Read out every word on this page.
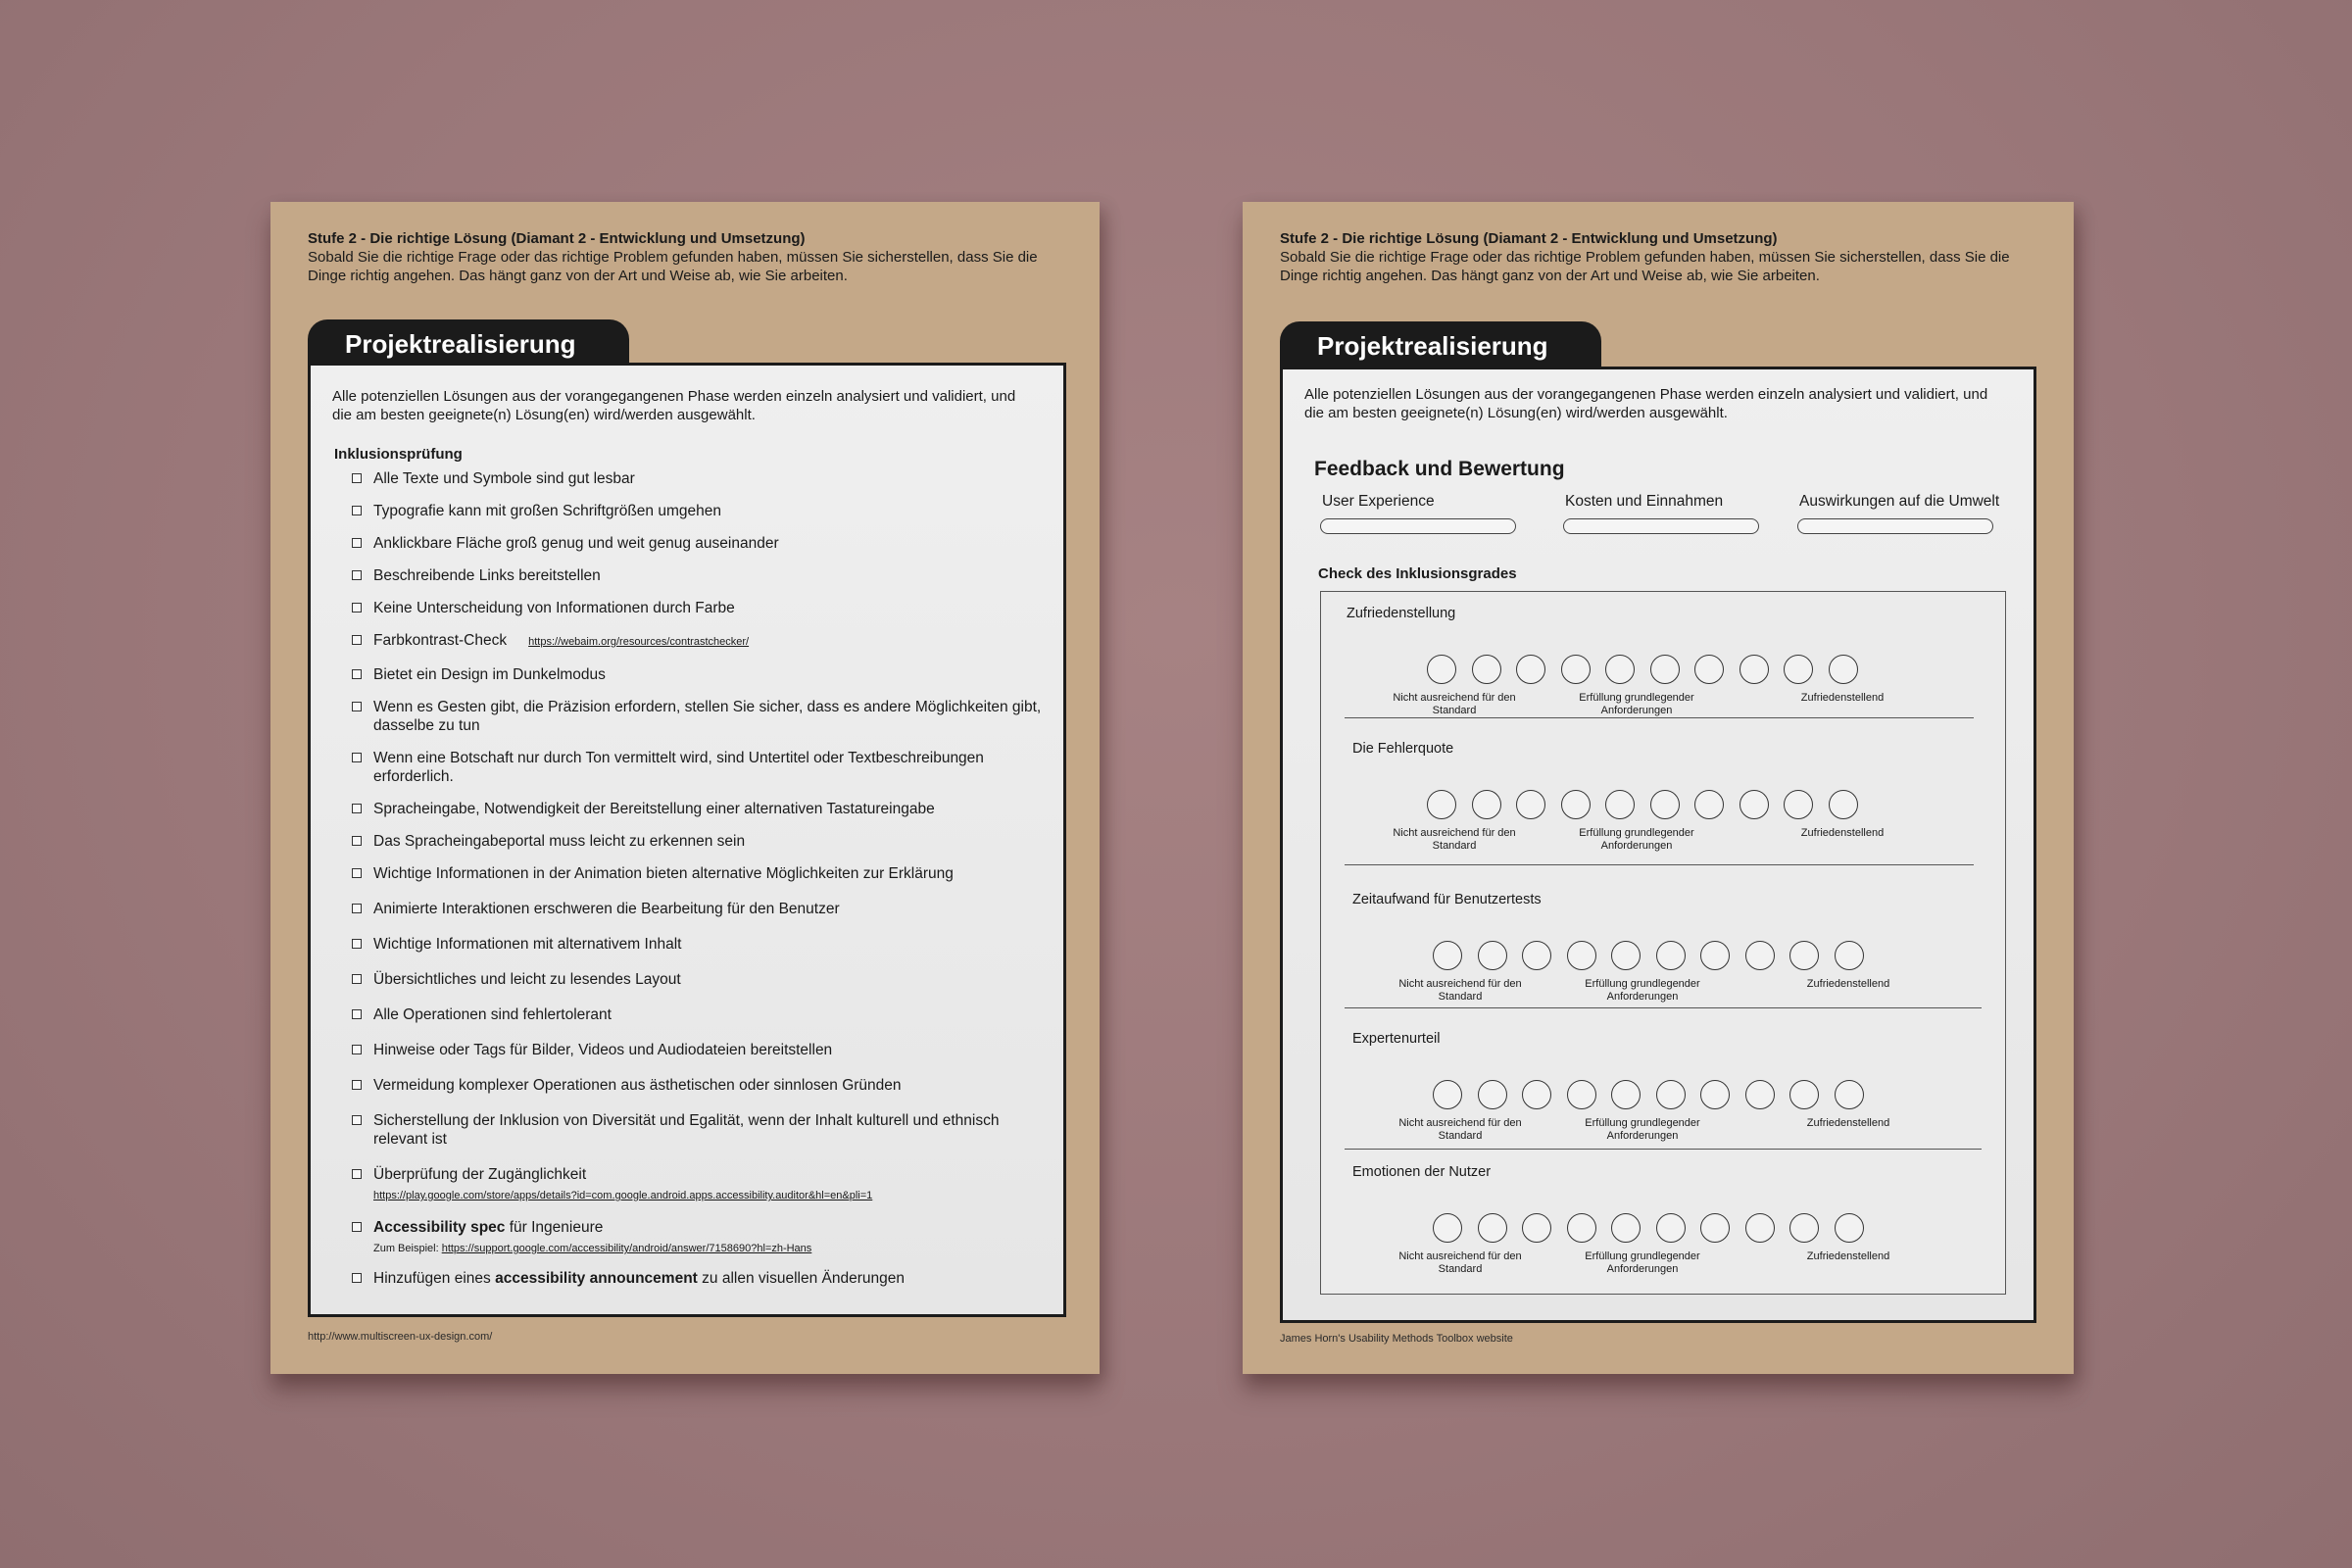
Stufe 2 - Die richtige Lösung (Diamant 2 - Entwicklung und Umsetzung)
Sobald Sie die richtige Frage oder das richtige Problem gefunden haben, müssen Sie sicherstellen, dass Sie die Dinge richtig angehen. Das hängt ganz von der Art und Weise ab, wie Sie arbeiten.
Projektrealisierung
Alle potenziellen Lösungen aus der vorangegangenen Phase werden einzeln analysiert und validiert, und die am besten geeignete(n) Lösung(en) wird/werden ausgewählt.
Inklusionsprüfung
Alle Texte und Symbole sind gut lesbar
Typografie kann mit großen Schriftgrößen umgehen
Anklickbare Fläche groß genug und weit genug auseinander
Beschreibende Links bereitstellen
Keine Unterscheidung von Informationen durch Farbe
Farbkontrast-Check https://webaim.org/resources/contrastchecker/
Bietet ein Design im Dunkelmodus
Wenn es Gesten gibt, die Präzision erfordern, stellen Sie sicher, dass es andere Möglichkeiten gibt, dasselbe zu tun
Wenn eine Botschaft nur durch Ton vermittelt wird, sind Untertitel oder Textbeschreibungen erforderlich.
Spracheingabe, Notwendigkeit der Bereitstellung einer alternativen Tastatureingabe
Das Spracheingabeportal muss leicht zu erkennen sein
Wichtige Informationen in der Animation bieten alternative Möglichkeiten zur Erklärung
Animierte Interaktionen erschweren die Bearbeitung für den Benutzer
Wichtige Informationen mit alternativem Inhalt
Übersichtliches und leicht zu lesendes Layout
Alle Operationen sind fehlertolerant
Hinweise oder Tags für Bilder, Videos und Audiodateien bereitstellen
Vermeidung komplexer Operationen aus ästhetischen oder sinnlosen Gründen
Sicherstellung der Inklusion von Diversität und Egalität, wenn der Inhalt kulturell und ethnisch relevant ist
Überprüfung der Zugänglichkeit
https://play.google.com/store/apps/details?id=com.google.android.apps.accessibility.auditor&hl=en&pli=1
Accessibility spec für Ingenieure
Zum Beispiel: https://support.google.com/accessibility/android/answer/7158690?hl=zh-Hans
Hinzufügen eines accessibility announcement zu allen visuellen Änderungen
http://www.multiscreen-ux-design.com/
Stufe 2 - Die richtige Lösung (Diamant 2 - Entwicklung und Umsetzung)
Sobald Sie die richtige Frage oder das richtige Problem gefunden haben, müssen Sie sicherstellen, dass Sie die Dinge richtig angehen. Das hängt ganz von der Art und Weise ab, wie Sie arbeiten.
Projektrealisierung
Alle potenziellen Lösungen aus der vorangegangenen Phase werden einzeln analysiert und validiert, und die am besten geeignete(n) Lösung(en) wird/werden ausgewählt.
Feedback und Bewertung
User Experience	Kosten und Einnahmen	Auswirkungen auf die Umwelt
Check des Inklusionsgrades
Zufriedenstellung
Nicht ausreichend für den Standard
Erfüllung grundlegender Anforderungen
Zufriedenstellend
Die Fehlerquote
Nicht ausreichend für den Standard
Erfüllung grundlegender Anforderungen
Zufriedenstellend
Zeitaufwand für Benutzertests
Nicht ausreichend für den Standard
Erfüllung grundlegender Anforderungen
Zufriedenstellend
Expertenurteil
Nicht ausreichend für den Standard
Erfüllung grundlegender Anforderungen
Zufriedenstellend
Emotionen der Nutzer
Nicht ausreichend für den Standard
Erfüllung grundlegender Anforderungen
Zufriedenstellend
James Horn's Usability Methods Toolbox website
